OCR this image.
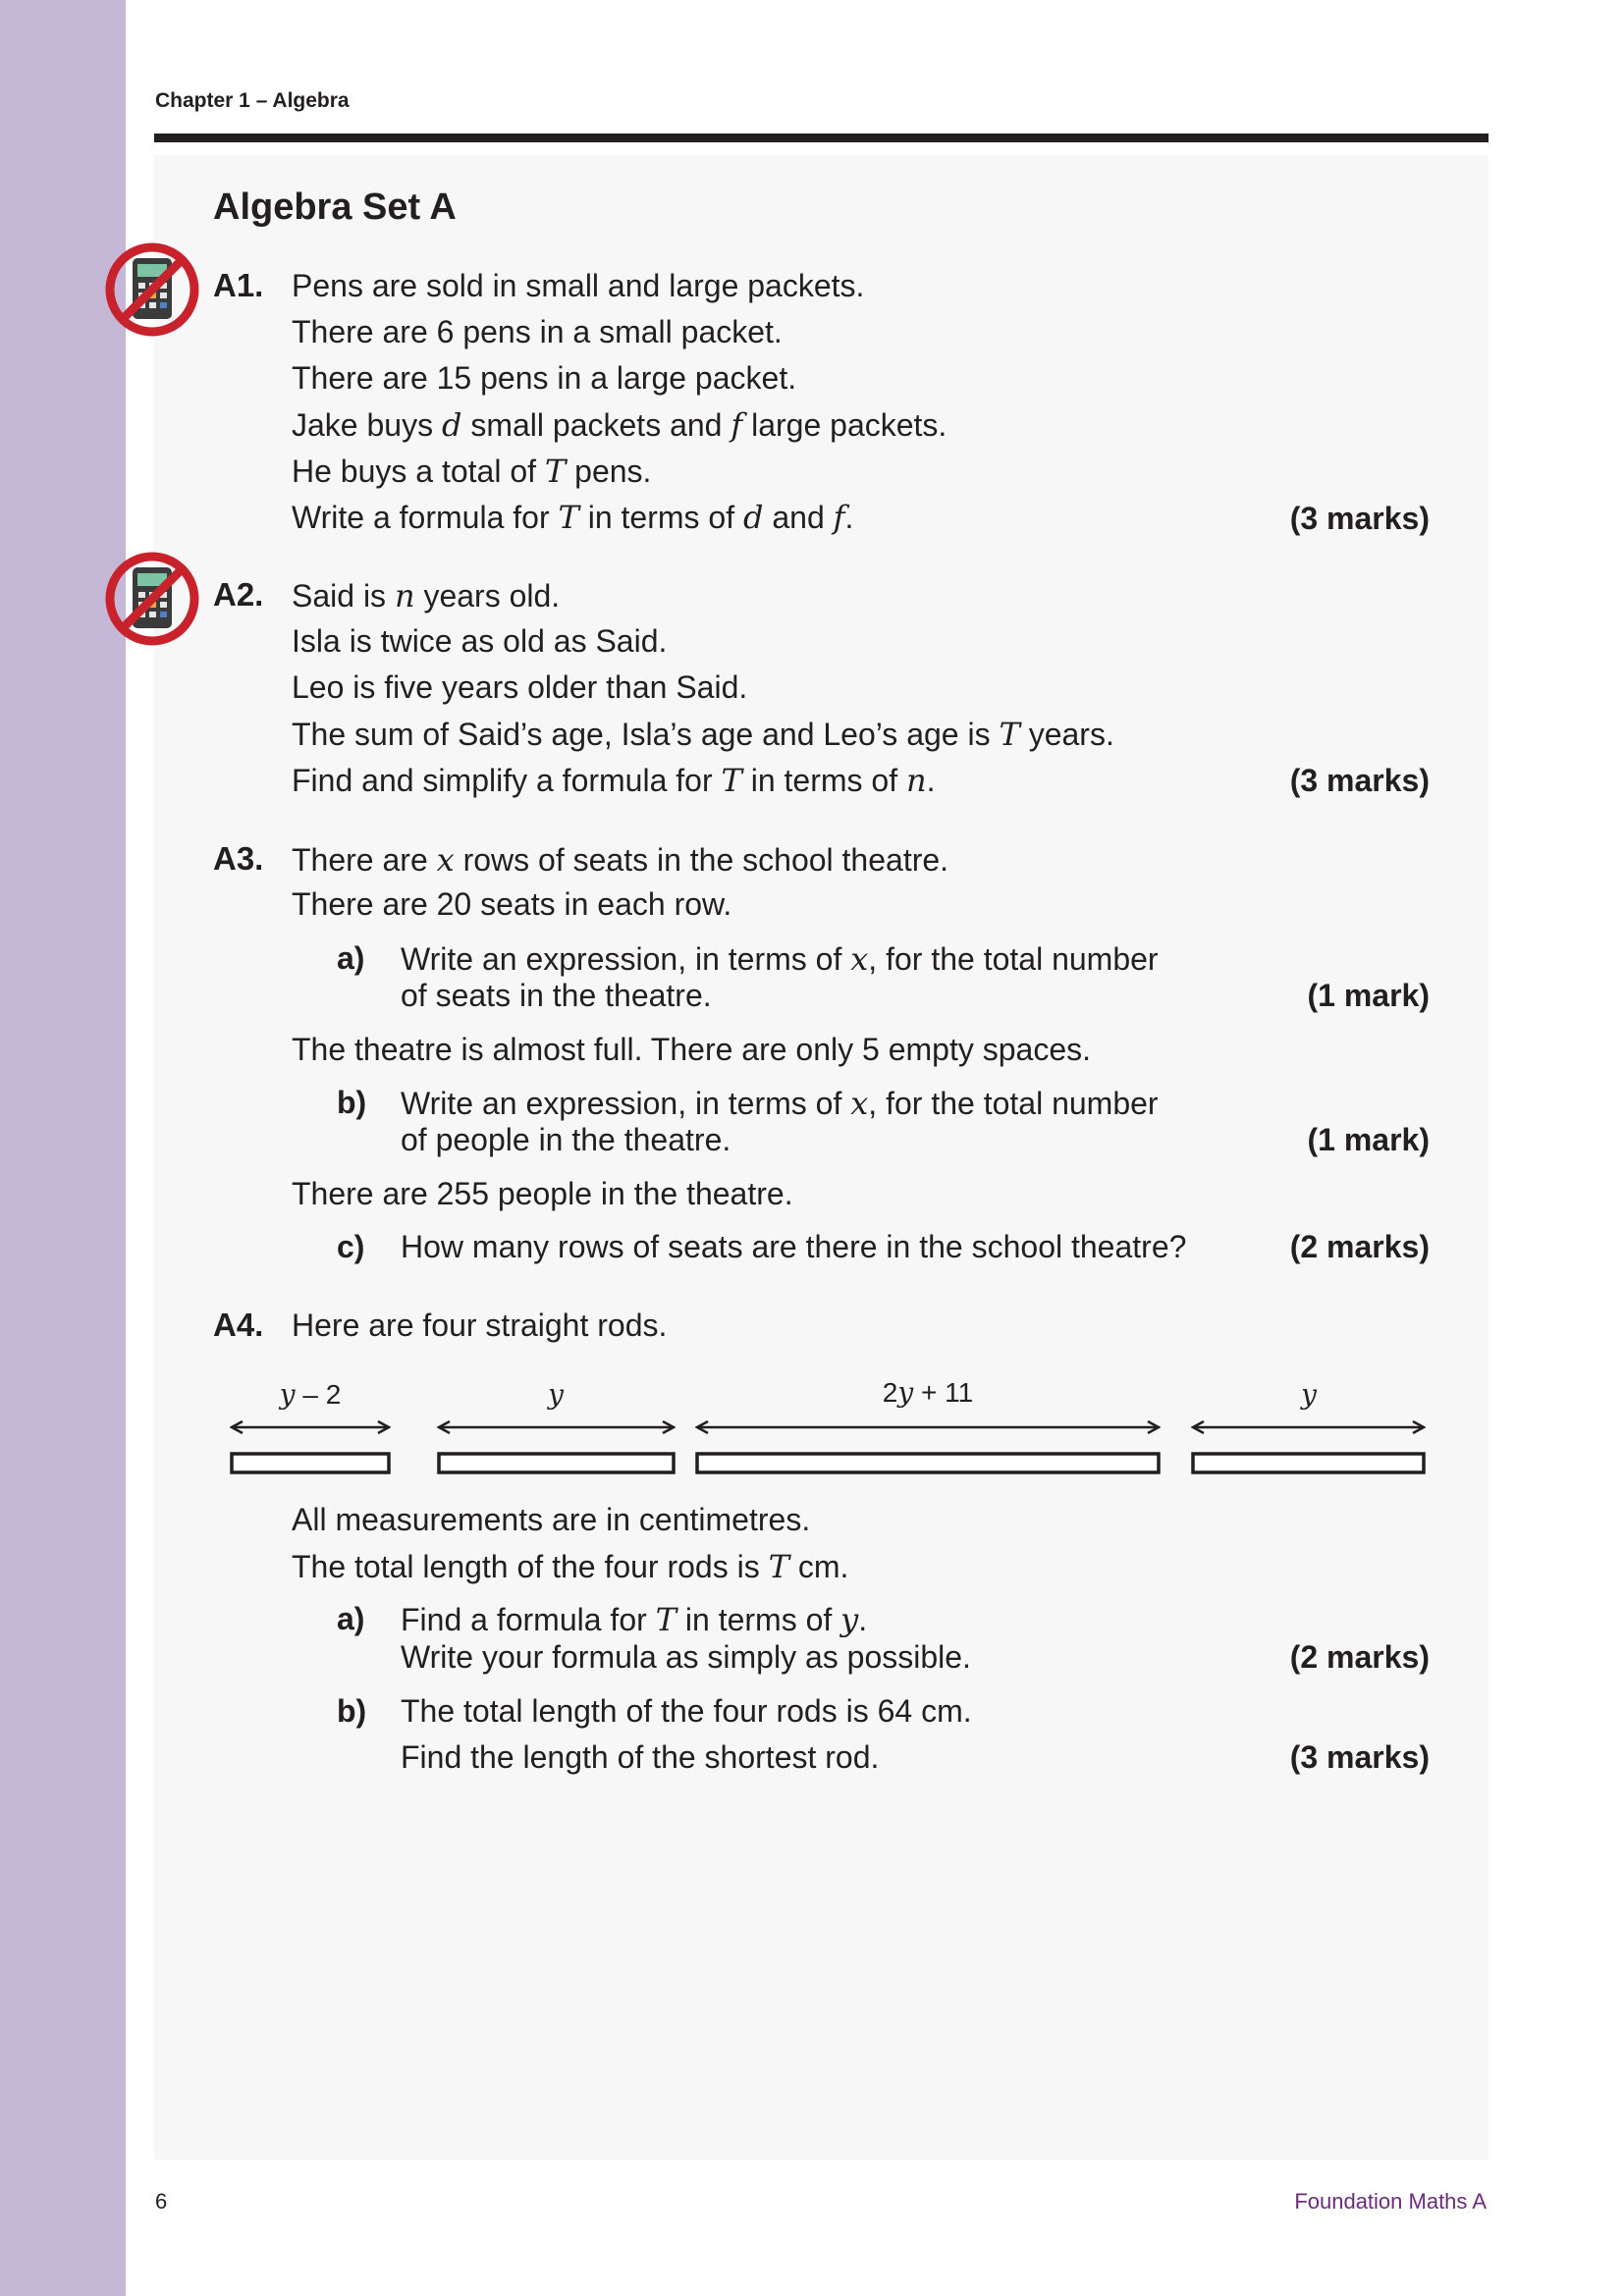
Chapter 1 – Algebra
Algebra Set A
A1. Pens are sold in small and large packets.
There are 6 pens in a small packet.
There are 15 pens in a large packet.
Jake buys d small packets and f large packets.
He buys a total of T pens.
Write a formula for T in terms of d and f.	(3 marks)
A2. Said is n years old.
Isla is twice as old as Said.
Leo is five years older than Said.
The sum of Said’s age, Isla’s age and Leo’s age is T years.
Find and simplify a formula for T in terms of n.	(3 marks)
A3. There are x rows of seats in the school theatre.
There are 20 seats in each row.
a) Write an expression, in terms of x, for the total number
of seats in the theatre.	(1 mark)
The theatre is almost full. There are only 5 empty spaces.
b) Write an expression, in terms of x, for the total number
of people in the theatre.	(1 mark)
There are 255 people in the theatre.
c) How many rows of seats are there in the school theatre?	(2 marks)
A4. Here are four straight rods.
y – 2	y	2y + 11	y
All measurements are in centimetres.
The total length of the four rods is T cm.
a) Find a formula for T in terms of y.
Write your formula as simply as possible.	(2 marks)
b) The total length of the four rods is 64 cm.
Find the length of the shortest rod.	(3 marks)
6	Foundation Maths A
